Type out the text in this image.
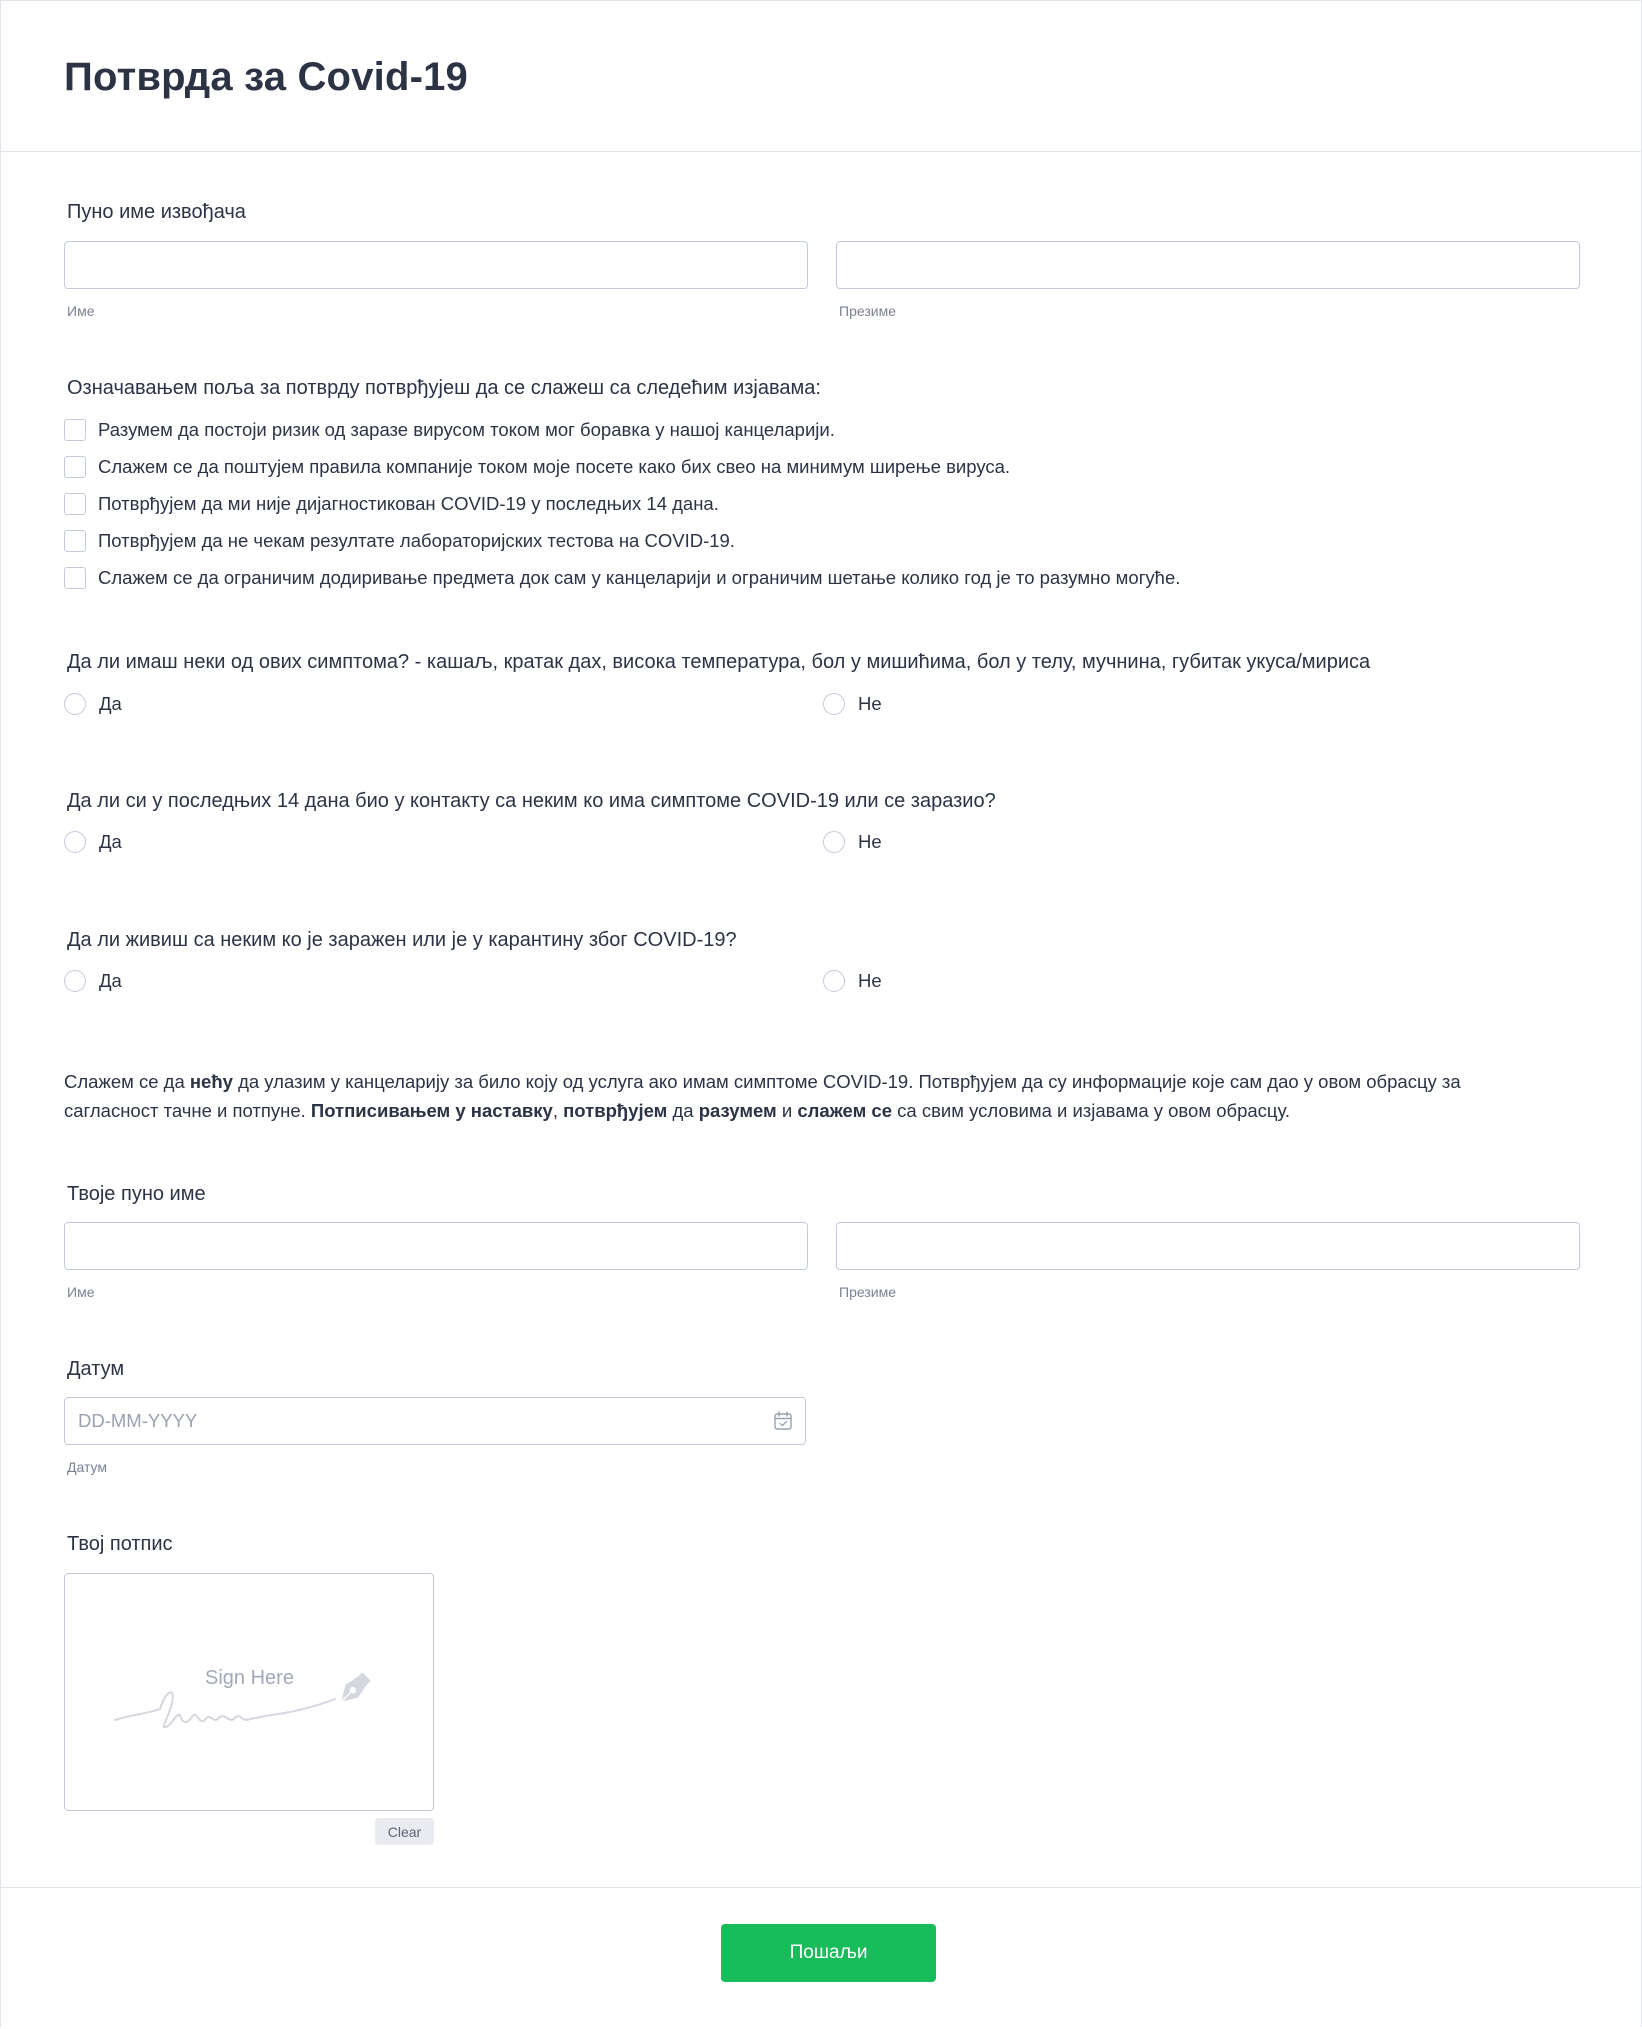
Потврда за Covid-19
Пуно име извођача
Име	Презиме
Означавањем поља за потврду потврђујеш да се слажеш са следећим изјавама:
Разумем да постоји ризик од заразе вирусом током мог боравка у нашој канцеларији.
Слажем се да поштујем правила компаније током моје посете како бих свео на минимум ширење вируса.
Потврђујем да ми није дијагностикован COVID-19 у последњих 14 дана.
Потврђујем да не чекам резултате лабораторијских тестова на COVID-19.
Слажем се да ограничим додиривање предмета док сам у канцеларији и ограничим шетање колико год је то разумно могуће.
Да ли имаш неки од ових симптома? - кашаљ, кратак дах, висока температура, бол у мишићима, бол у телу, мучнина, губитак укуса/мириса
Да	Не
Да ли си у последњих 14 дана био у контакту са неким ко има симптоме COVID-19 или се заразио?
Да	Не
Да ли живиш са неким ко је заражен или је у карантину због COVID-19?
Да	Не
Слажем се да нећу да улазим у канцеларију за било коју од услуга ако имам симптоме COVID-19. Потврђујем да су информације које сам дао у овом обрасцу за сагласност тачне и потпуне. Потписивањем у наставку, потврђујем да разумем и слажем се са свим условима и изјавама у овом обрасцу.
Твоје пуно име
Име	Презиме
Датум
DD-MM-YYYY
Датум
Твој потпис
Sign Here
Clear
Пошаљи
